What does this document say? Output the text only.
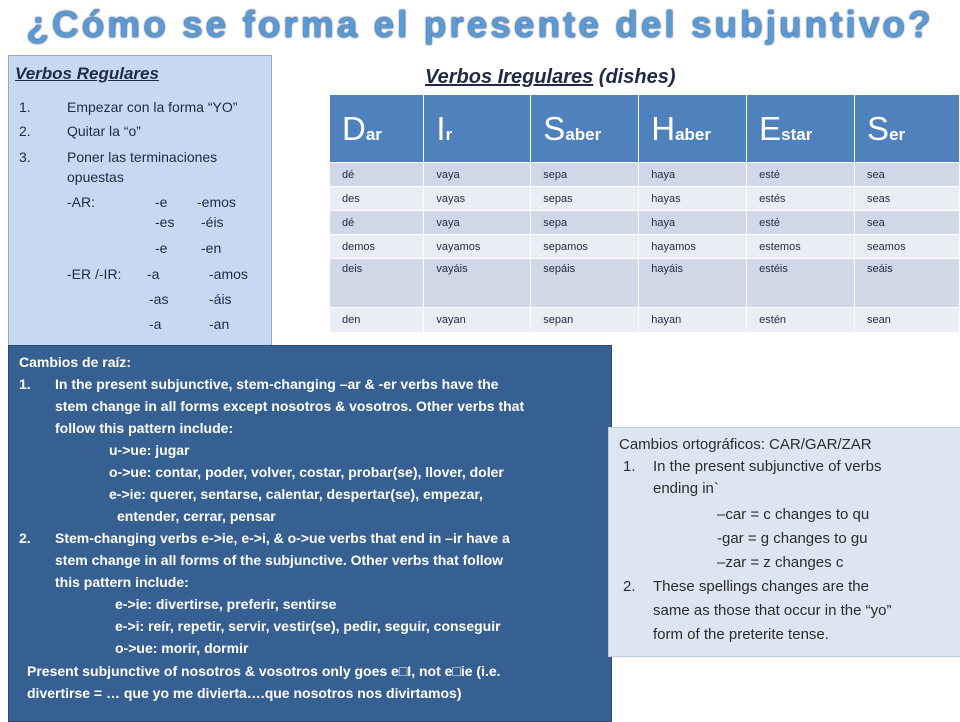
¿Cómo se forma el presente del subjuntivo?
Verbos Regulares
1.	Empezar con la forma “YO”
2.	Quitar la “o”
3.	Poner las terminaciones
opuestas
-AR:	-e -emos
-es -éis
-e -en
-ER /-IR: -a	-amos
-as	-áis
-a	-an
Verbos Iregulares (dishes)
Dar	Ir	Saber	Haber	Estar	Ser
dé	vaya	sepa	haya	esté	sea
des	vayas	sepas	hayas	estés	seas
dé	vaya	sepa	haya	esté	sea
demos	vayamos	sepamos	hayamos	estemos	seamos
deis	vayáis	sepáis	hayáis	estéis	seáis
den	vayan	sepan	hayan	estén	sean
Cambios de raíz:
1. In the present subjunctive, stem-changing –ar & -er verbs have the
stem change in all forms except nosotros & vosotros. Other verbs that
follow this pattern include:
u->ue: jugar
o->ue: contar, poder, volver, costar, probar(se), llover, doler
e->ie: querer, sentarse, calentar, despertar(se), empezar,
entender, cerrar, pensar
2. Stem-changing verbs e->ie, e->i, & o->ue verbs that end in –ir have a
stem change in all forms of the subjunctive. Other verbs that follow
this pattern include:
e->ie: divertirse, preferir, sentirse
e->i: reír, repetir, servir, vestir(se), pedir, seguir, conseguir
o->ue: morir, dormir
Present subjunctive of nosotros & vosotros only goes e□I, not e□ie (i.e.
divertirse = … que yo me divierta….que nosotros nos divirtamos)
Cambios ortográficos: CAR/GAR/ZAR
1. In the present subjunctive of verbs
ending in`
–car = c changes to qu
-gar = g changes to gu
–zar = z changes c
2. These spellings changes are the
same as those that occur in the “yo”
form of the preterite tense.
